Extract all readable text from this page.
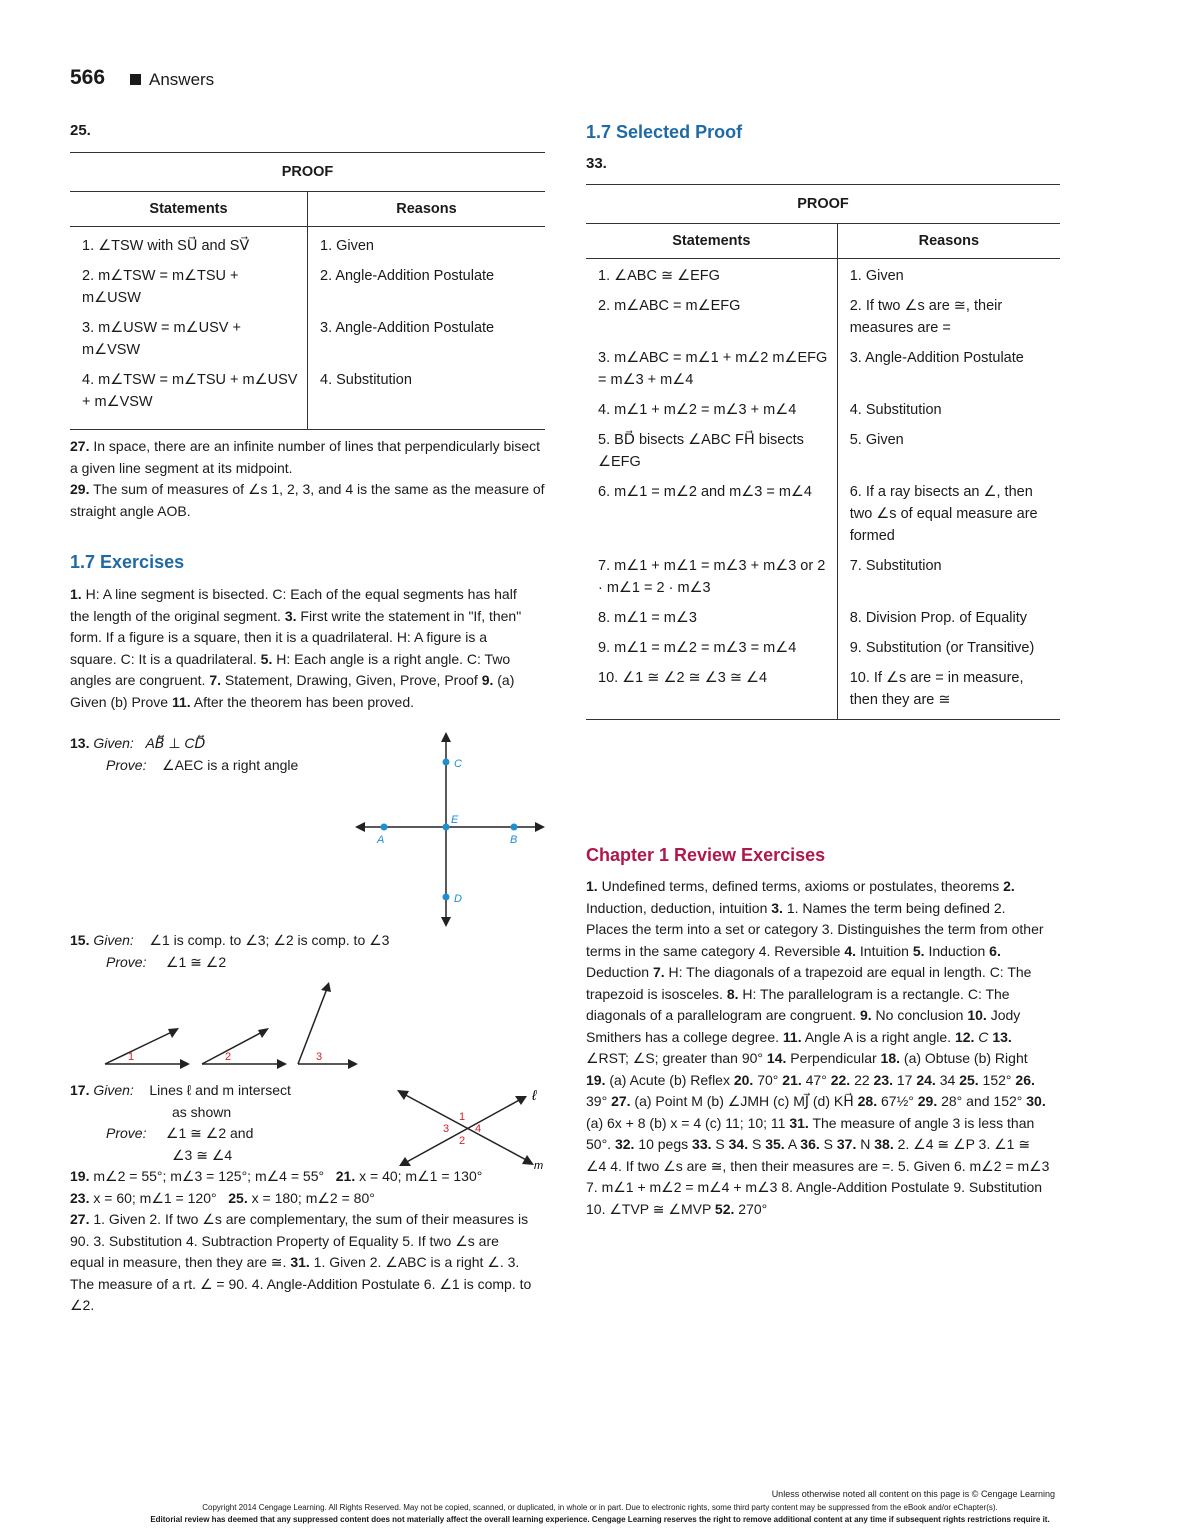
566	Answers
25.
PROOF	
Statements	Reasons
1. ∠TSW with SU⃗ and SV⃗	1. Given
2. m∠TSW = m∠TSU + m∠USW	2. Angle-Addition Postulate
3. m∠USW = m∠USV + m∠VSW	3. Angle-Addition Postulate
4. m∠TSW = m∠TSU + m∠USV + m∠VSW	4. Substitution
27. In space, there are an infinite number of lines that perpendicularly bisect a given line segment at its midpoint.
29. The sum of measures of ∠s 1, 2, 3, and 4 is the same as the measure of straight angle AOB.
1.7 Exercises
1. H: A line segment is bisected. C: Each of the equal segments has half the length of the original segment. 3. First write the statement in "If, then" form. If a figure is a square, then it is a quadrilateral. H: A figure is a square. C: It is a quadrilateral. 5. H: Each angle is a right angle. C: Two angles are congruent. 7. Statement, Drawing, Given, Prove, Proof 9. (a) Given (b) Prove 11. After the theorem has been proved.
13. Given: AB⃡ ⊥ CD⃡
Prove: ∠AEC is a right angle	C
E
A	B
D
15. Given: ∠1 is comp. to ∠3; ∠2 is comp. to ∠3
Prove: ∠1 ≅ ∠2
1	2	3
17. Given: Lines ℓ and m intersect
as shown
Prove: ∠1 ≅ ∠2 and
∠3 ≅ ∠4
ℓ
m
1
2
3 4
19. m∠2 = 55°; m∠3 = 125°; m∠4 = 55° 21. x = 40; m∠1 = 130°
23. x = 60; m∠1 = 120° 25. x = 180; m∠2 = 80°
27. 1. Given 2. If two ∠s are complementary, the sum of their measures is 90. 3. Substitution 4. Subtraction Property of Equality 5. If two ∠s are equal in measure, then they are ≅. 31. 1. Given 2. ∠ABC is a right ∠. 3. The measure of a rt. ∠ = 90. 4. Angle-Addition Postulate 6. ∠1 is comp. to ∠2.
1.7 Selected Proof
33.
PROOF	
Statements	Reasons
1. ∠ABC ≅ ∠EFG	1. Given
2. m∠ABC = m∠EFG	2. If two ∠s are ≅, their measures are =
3. m∠ABC = m∠1 + m∠2 m∠EFG = m∠3 + m∠4	3. Angle-Addition Postulate
4. m∠1 + m∠2 = m∠3 + m∠4	4. Substitution
5. BD⃗ bisects ∠ABC FH⃗ bisects ∠EFG	5. Given
6. m∠1 = m∠2 and m∠3 = m∠4	6. If a ray bisects an ∠, then two ∠s of equal measure are formed
7. m∠1 + m∠1 = m∠3 + m∠3 or 2 · m∠1 = 2 · m∠3	7. Substitution
8. m∠1 = m∠3	8. Division Prop. of Equality
9. m∠1 = m∠2 = m∠3 = m∠4	9. Substitution (or Transitive)
10. ∠1 ≅ ∠2 ≅ ∠3 ≅ ∠4	10. If ∠s are = in measure, then they are ≅
Chapter 1 Review Exercises
1. Undefined terms, defined terms, axioms or postulates, theorems 2. Induction, deduction, intuition 3. 1. Names the term being defined 2. Places the term into a set or category 3. Distinguishes the term from other terms in the same category 4. Reversible 4. Intuition 5. Induction 6. Deduction 7. H: The diagonals of a trapezoid are equal in length. C: The trapezoid is isosceles. 8. H: The parallelogram is a rectangle. C: The diagonals of a parallelogram are congruent. 9. No conclusion 10. Jody Smithers has a college degree. 11. Angle A is a right angle. 12. C 13. ∠RST; ∠S; greater than 90° 14. Perpendicular 18. (a) Obtuse (b) Right 19. (a) Acute (b) Reflex 20. 70° 21. 47° 22. 22 23. 17 24. 34 25. 152° 26. 39° 27. (a) Point M (b) ∠JMH (c) MJ⃗ (d) KH⃗ 28. 67½° 29. 28° and 152° 30. (a) 6x + 8 (b) x = 4 (c) 11; 10; 11 31. The measure of angle 3 is less than 50°. 32. 10 pegs 33. S 34. S 35. A 36. S 37. N 38. 2. ∠4 ≅ ∠P 3. ∠1 ≅ ∠4 4. If two ∠s are ≅, then their measures are =. 5. Given 6. m∠2 = m∠3 7. m∠1 + m∠2 = m∠4 + m∠3 8. Angle-Addition Postulate 9. Substitution 10. ∠TVP ≅ ∠MVP 52. 270°
Unless otherwise noted all content on this page is © Cengage Learning
Copyright 2014 Cengage Learning. All Rights Reserved. May not be copied, scanned, or duplicated, in whole or in part. Due to electronic rights, some third party content may be suppressed from the eBook and/or eChapter(s).
Editorial review has deemed that any suppressed content does not materially affect the overall learning experience. Cengage Learning reserves the right to remove additional content at any time if subsequent rights restrictions require it.
